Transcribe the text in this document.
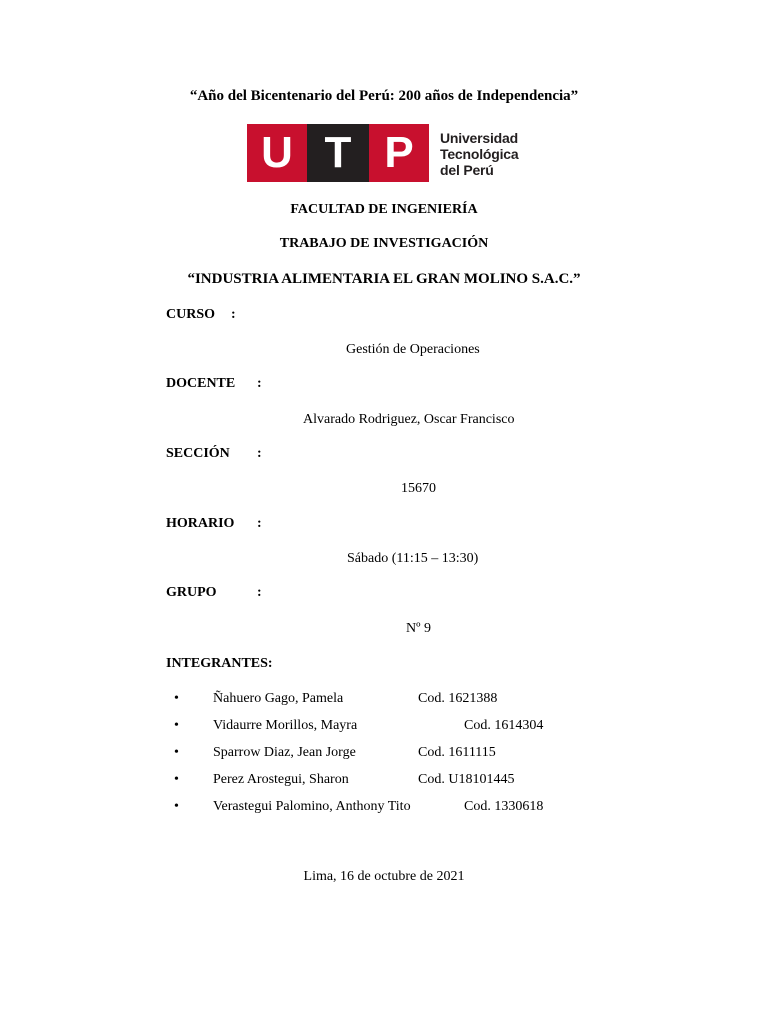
“Año del Bicentenario del Perú: 200 años de Independencia”
U T P	Universidad
Tecnológica
del Perú
FACULTAD DE INGENIERÍA
TRABAJO DE INVESTIGACIÓN
“INDUSTRIA ALIMENTARIA EL GRAN MOLINO S.A.C.”
CURSO :
Gestión de Operaciones
DOCENTE :
Alvarado Rodriguez, Oscar Francisco
SECCIÓN :
15670
HORARIO :
Sábado (11:15 – 13:30)
GRUPO	:
Nº 9
INTEGRANTES:
• Ñahuero Gago, Pamela	Cod. 1621388
• Vidaurre Morillos, Mayra	Cod. 1614304
• Sparrow Diaz, Jean Jorge	Cod. 1611115
• Perez Arostegui, Sharon	Cod. U18101445
• Verastegui Palomino, Anthony Tito	Cod. 1330618
Lima, 16 de octubre de 2021
